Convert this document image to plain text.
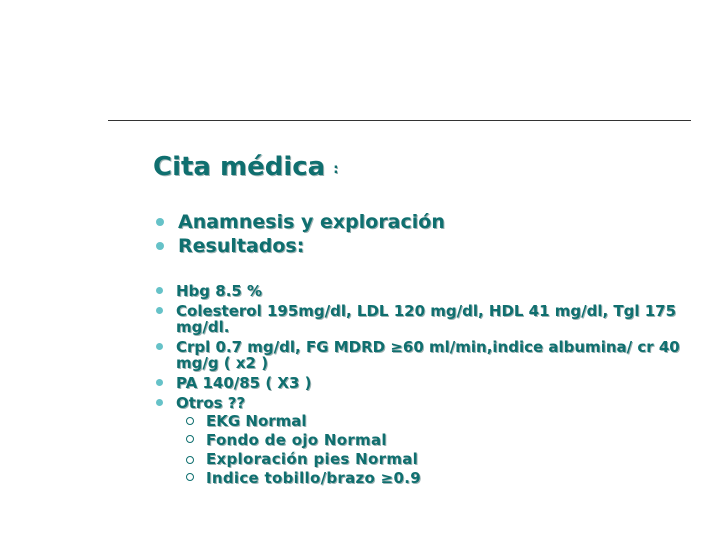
Cita médica :
Anamnesis y exploración
Resultados:
Hbg 8.5 %
Colesterol 195mg/dl, LDL 120 mg/dl, HDL 41 mg/dl, Tgl 175 mg/dl.
Crpl 0.7 mg/dl, FG MDRD ≥60 ml/min,indice albumina/ cr 40 mg/g ( x2 )
PA 140/85 ( X3 )
Otros ??
EKG Normal
Fondo de ojo Normal
Exploración pies Normal
Indice tobillo/brazo ≥0.9
